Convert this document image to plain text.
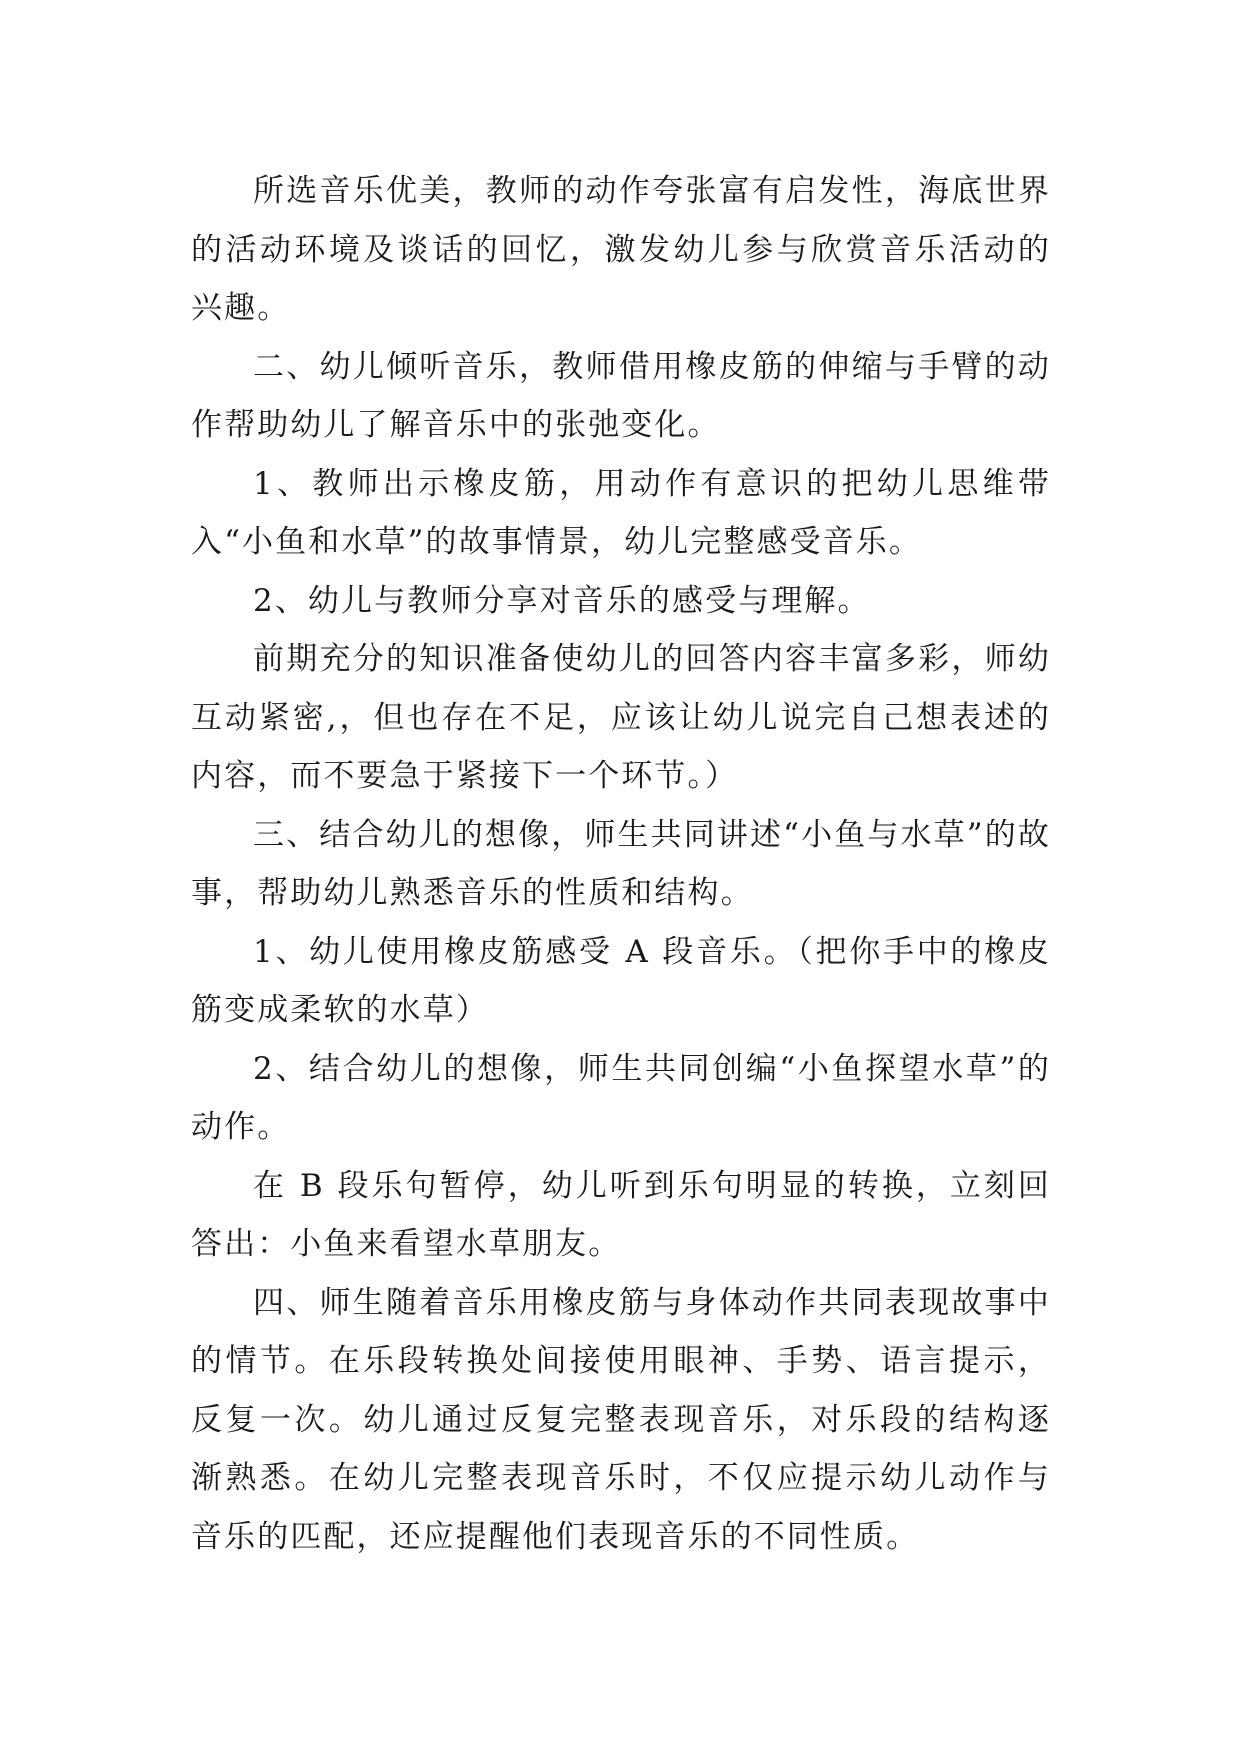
所选音乐优美，教师的动作夸张富有启发性，海底世界的活动环境及谈话的回忆，激发幼儿参与欣赏音乐活动的兴趣。

二、幼儿倾听音乐，教师借用橡皮筋的伸缩与手臂的动作帮助幼儿了解音乐中的张弛变化。

1、教师出示橡皮筋，用动作有意识的把幼儿思维带入“小鱼和水草”的故事情景，幼儿完整感受音乐。

2、幼儿与教师分享对音乐的感受与理解。

前期充分的知识准备使幼儿的回答内容丰富多彩，师幼互动紧密,，但也存在不足，应该让幼儿说完自己想表述的内容，而不要急于紧接下一个环节。）

三、结合幼儿的想像，师生共同讲述“小鱼与水草”的故事，帮助幼儿熟悉音乐的性质和结构。

1、幼儿使用橡皮筋感受 A 段音乐。（把你手中的橡皮筋变成柔软的水草）

2、结合幼儿的想像，师生共同创编“小鱼探望水草”的动作。

在 B 段乐句暂停，幼儿听到乐句明显的转换，立刻回答出：小鱼来看望水草朋友。

四、师生随着音乐用橡皮筋与身体动作共同表现故事中的情节。在乐段转换处间接使用眼神、手势、语言提示，反复一次。幼儿通过反复完整表现音乐，对乐段的结构逐渐熟悉。在幼儿完整表现音乐时，不仅应提示幼儿动作与音乐的匹配，还应提醒他们表现音乐的不同性质。
